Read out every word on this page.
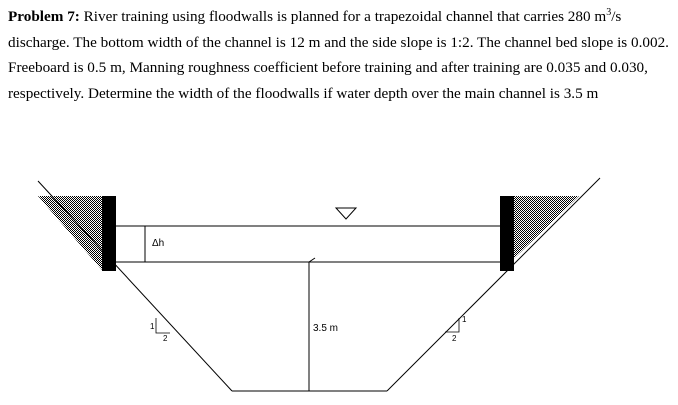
Problem 7: River training using floodwalls is planned for a trapezoidal channel that carries 280 $m^3/s$ discharge. The bottom width of the channel is 12 m and the side slope is 1:2. The channel bed slope is 0.002. Freeboard is 0.5 m, Manning roughness coefficient before training and after training are 0.035 and 0.030, respectively. Determine the width of the floodwalls if water depth over the main channel is 3.5 m
Δh
3.5 m
1
2
1
2
